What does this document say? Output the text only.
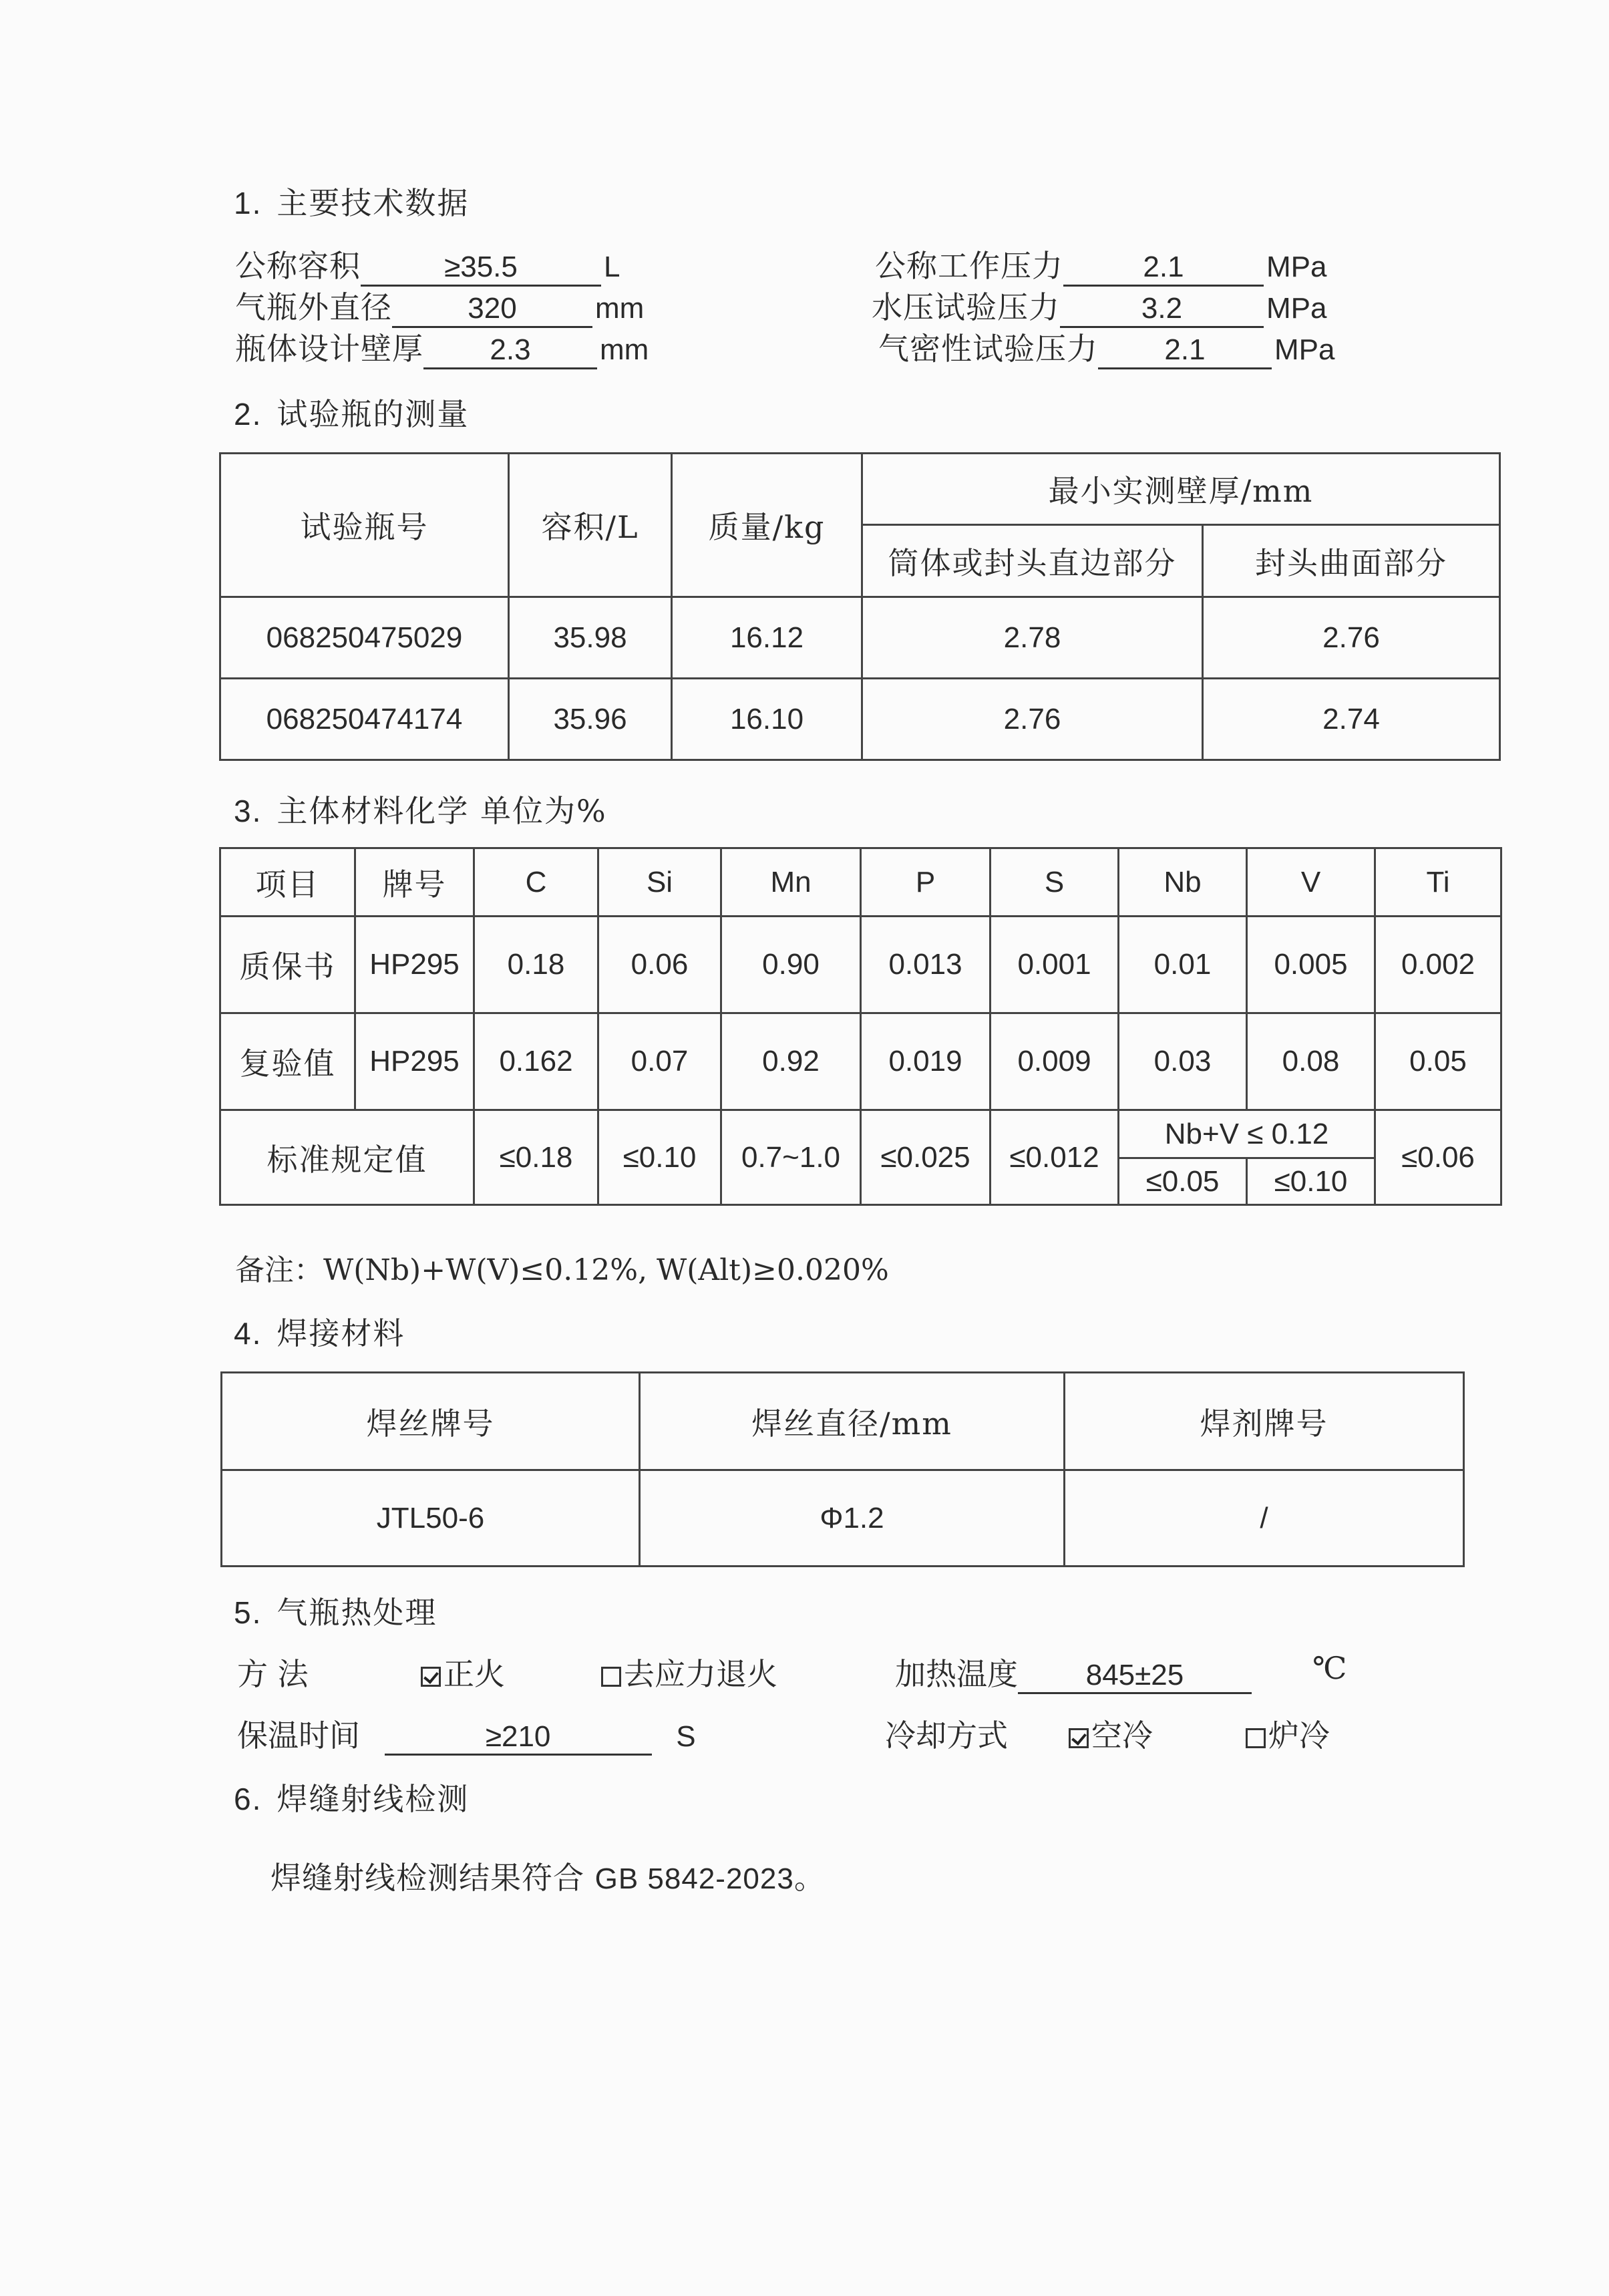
1. 主要技术数据
公称容积	≥35.5	L
气瓶外直径	320	mm
瓶体设计壁厚	2.3	mm
公称工作压力	2.1	MPa
水压试验压力	3.2	MPa
气密性试验压力	2.1	MPa
2. 试验瓶的测量
试验瓶号	容积/L	质量/kg	最小实测壁厚/mm	
			筒体或封头直边部分	封头曲面部分
068250475029	35.98	16.12	2.78	2.76
068250474174	35.96	16.10	2.76	2.74
3. 主体材料化学 单位为%
项目	牌号	C	Si	Mn	P	S	Nb	V	Ti
质保书	HP295	0.18	0.06	0.90	0.013	0.001	0.01	0.005	0.002
复验值	HP295	0.162	0.07	0.92	0.019	0.009	0.03	0.08	0.05
标准规定值		≤0.18	≤0.10	0.7~1.0	≤0.025	≤0.012	Nb+V ≤ 0.12		≤0.06
							≤0.05	≤0.10	
备注：W(Nb)+W(V)≤0.12%, W(Alt)≥0.020%
4. 焊接材料
焊丝牌号	焊丝直径/mm	焊剂牌号
JTL50-6	Φ1.2	/
5. 气瓶热处理
方 法	正火	去应力退火	加热温度 845±25	℃
保温时间	≥210	S	冷却方式	空冷	炉冷
6. 焊缝射线检测
焊缝射线检测结果符合 GB 5842-2023。
